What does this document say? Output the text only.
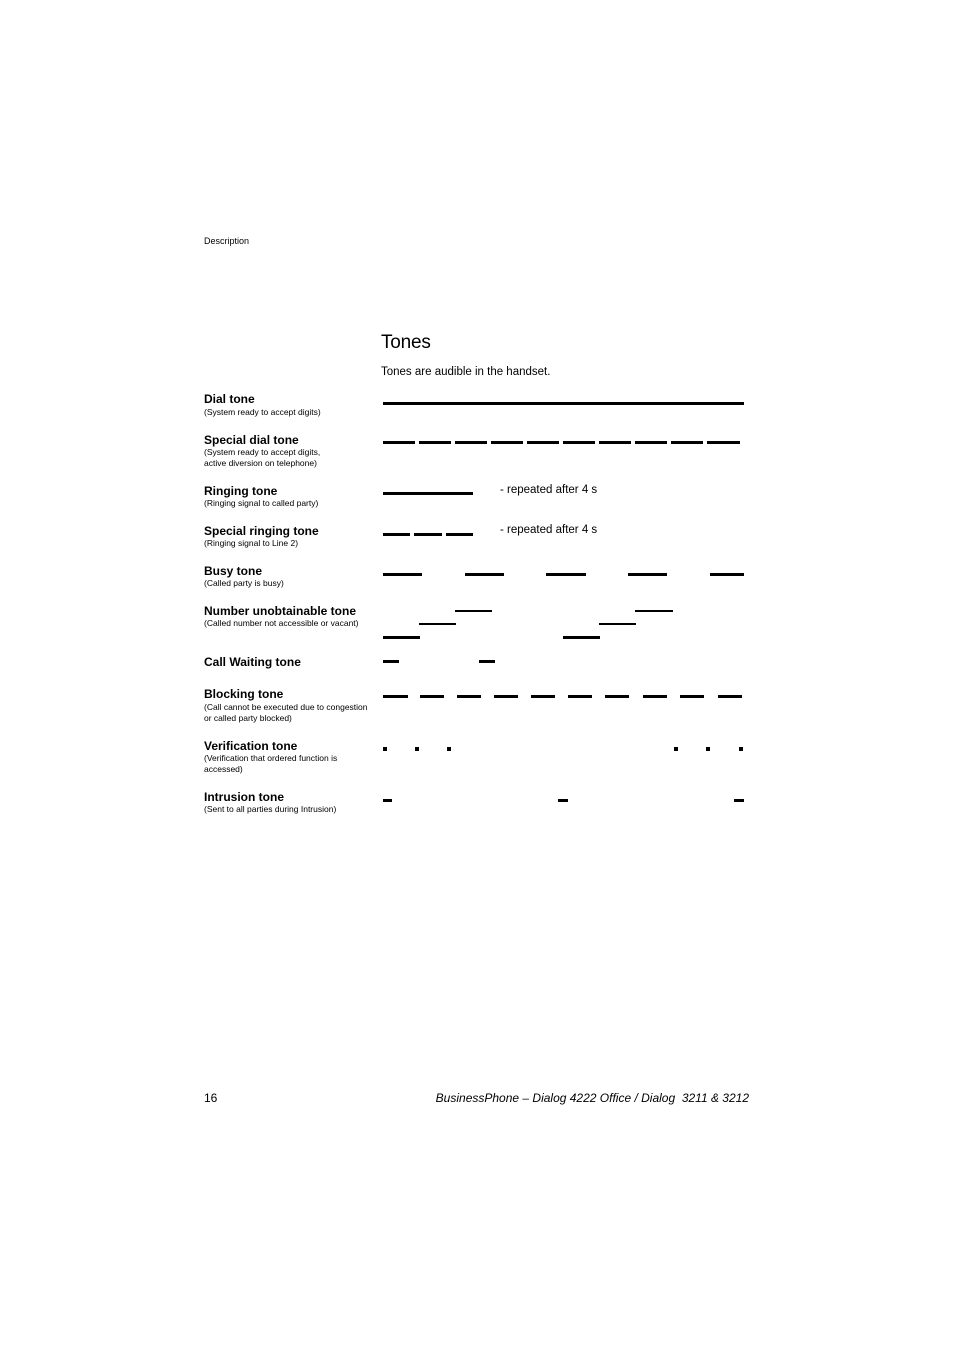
Description
Tones
Tones are audible in the handset.
Dial tone
(System ready to accept digits)
Special dial tone
(System ready to accept digits,
active diversion on telephone)
Ringing tone
(Ringing signal to called party)
- repeated after 4 s
Special ringing tone
(Ringing signal to Line 2)
- repeated after 4 s
Busy tone
(Called party is busy)
Number unobtainable tone
(Called number not accessible or vacant)
Call Waiting tone
Blocking tone
(Call cannot be executed due to congestion
or called party blocked)
Verification tone
(Verification that ordered function is
accessed)
Intrusion tone
(Sent to all parties during Intrusion)
16	BusinessPhone – Dialog 4222 Office / Dialog  3211 & 3212
